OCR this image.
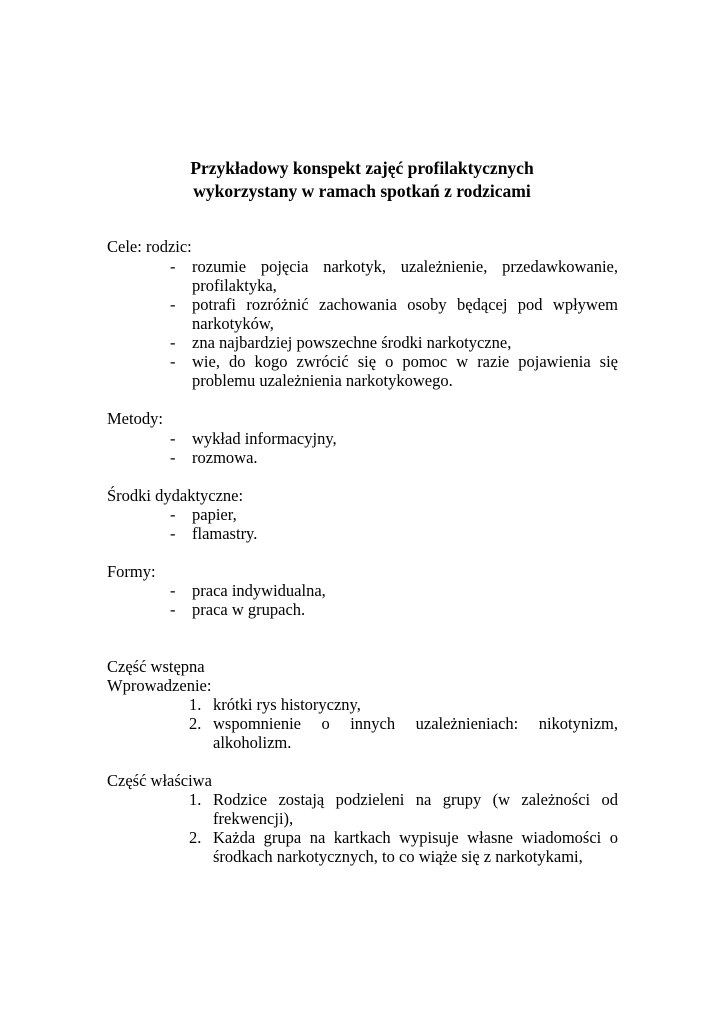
Przykładowy konspekt zajęć profilaktycznych
wykorzystany w ramach spotkań z rodzicami
Cele: rodzic:
- rozumie pojęcia narkotyk, uzależnienie, przedawkowanie, profilaktyka,
- potrafi rozróżnić zachowania osoby będącej pod wpływem narkotyków,
- zna najbardziej powszechne środki narkotyczne,
- wie, do kogo zwrócić się o pomoc w razie pojawienia się problemu uzależnienia narkotykowego.
Metody:
- wykład informacyjny,
- rozmowa.
Środki dydaktyczne:
- papier,
- flamastry.
Formy:
- praca indywidualna,
- praca w grupach.
Część wstępna
Wprowadzenie:
1. krótki rys historyczny,
2. wspomnienie o innych uzależnieniach: nikotynizm, alkoholizm.
Część właściwa
1. Rodzice zostają podzieleni na grupy (w zależności od frekwencji),
2. Każda grupa na kartkach wypisuje własne wiadomości o środkach narkotycznych, to co wiąże się z narkotykami,
